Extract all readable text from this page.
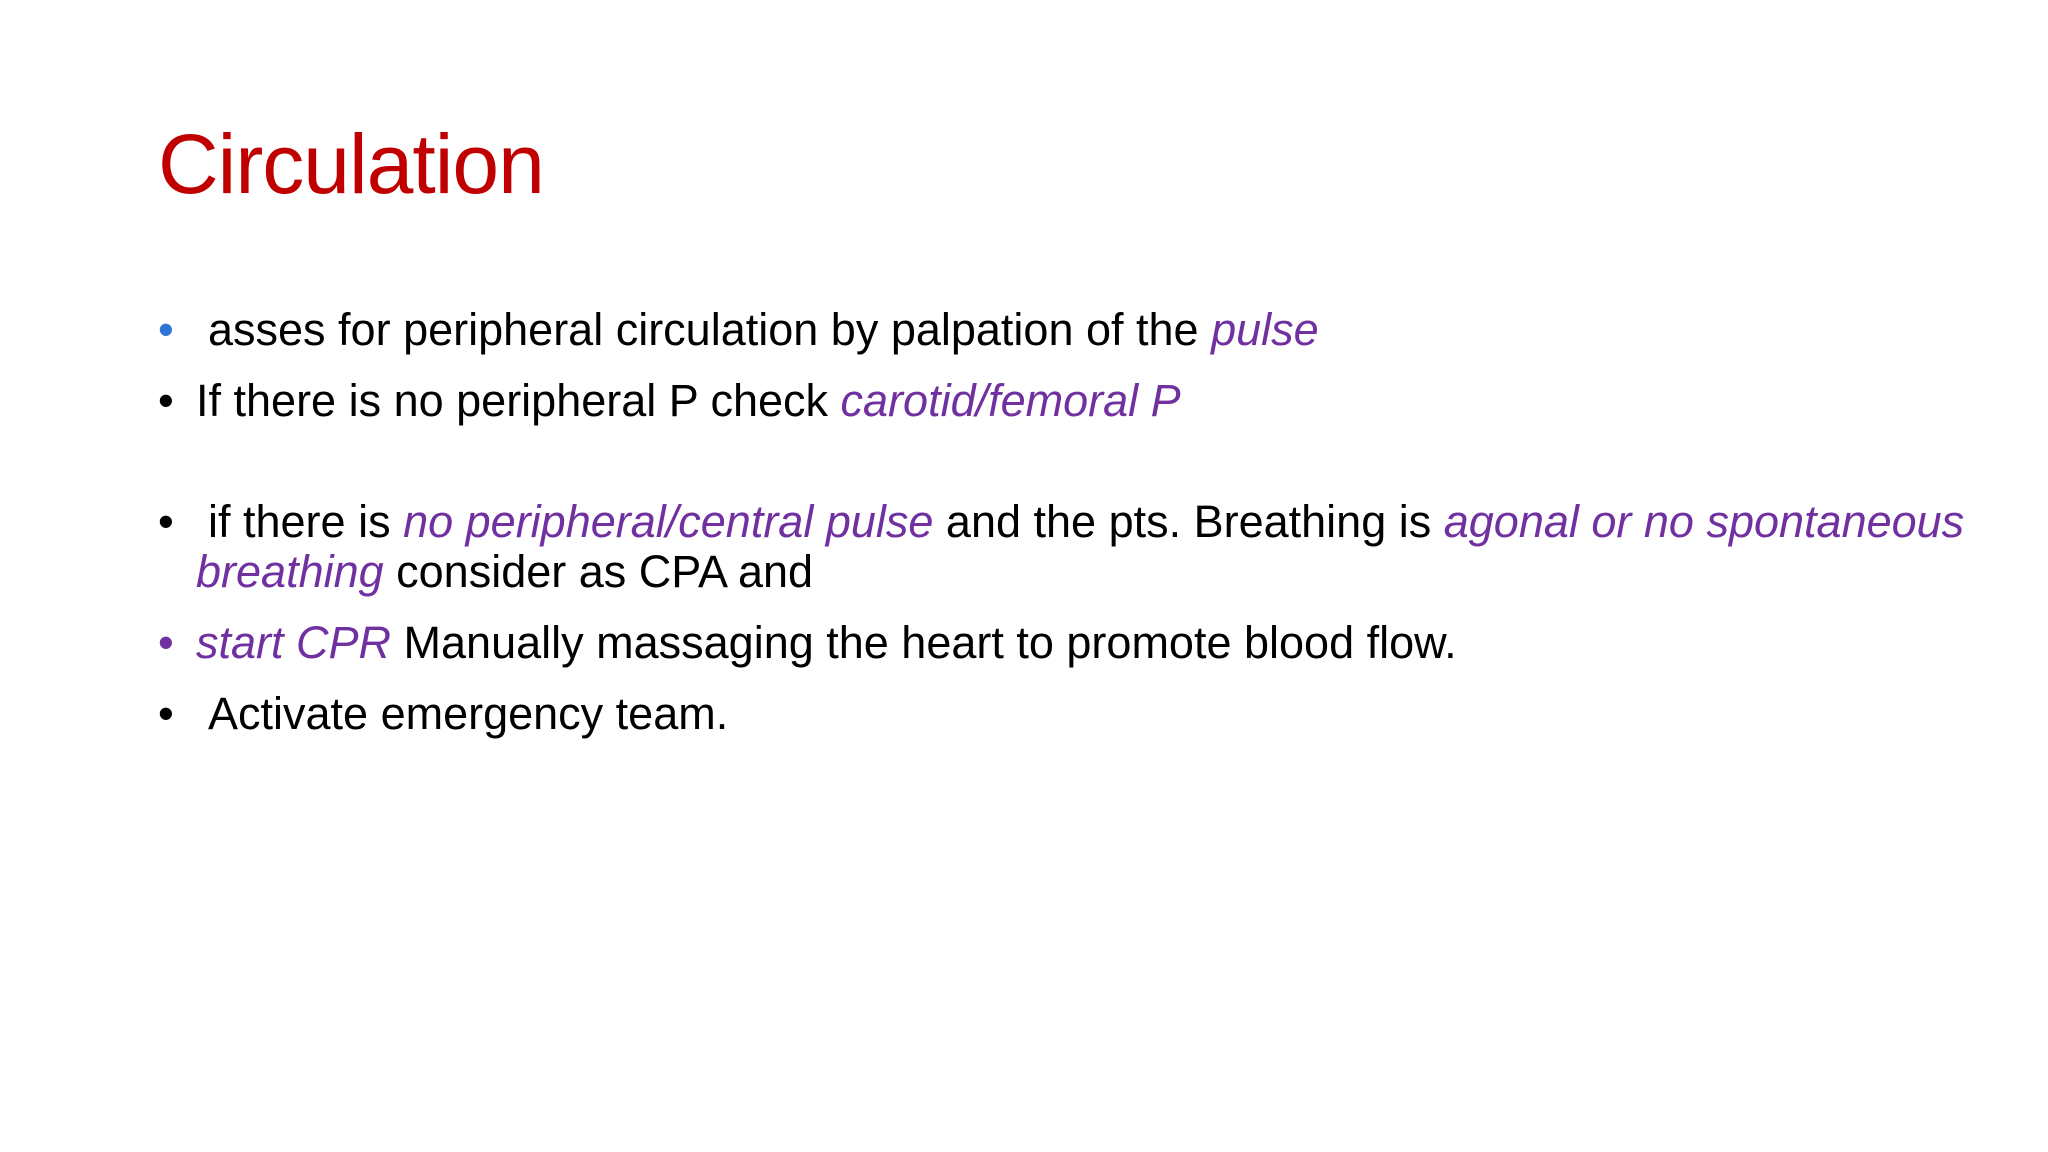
Circulation
• asses for peripheral circulation by palpation of the pulse
• If there is no peripheral P check carotid/femoral P
• if there is no peripheral/central pulse and the pts. Breathing is agonal or no spontaneous breathing consider as CPA and
• start CPR Manually massaging the heart to promote blood flow.
• Activate emergency team.
